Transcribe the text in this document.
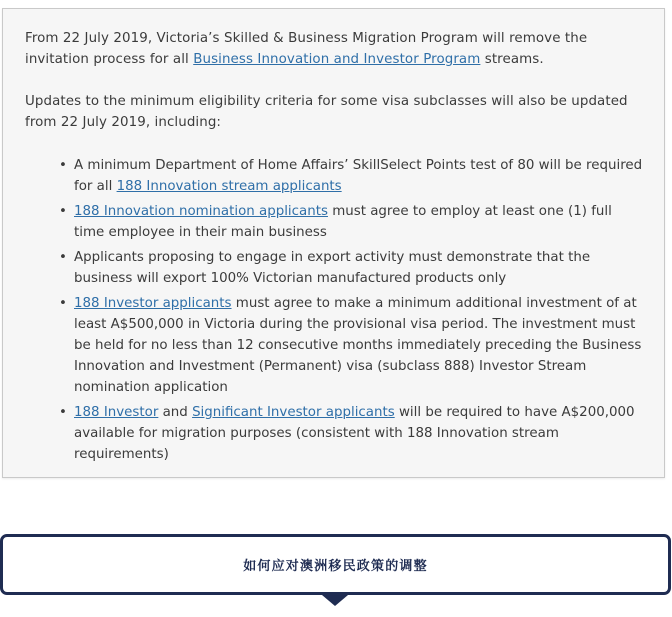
From 22 July 2019, Victoria’s Skilled & Business Migration Program will remove the invitation process for all Business Innovation and Investor Program streams.

Updates to the minimum eligibility criteria for some visa subclasses will also be updated from 22 July 2019, including:

• A minimum Department of Home Affairs’ SkillSelect Points test of 80 will be required for all 188 Innovation stream applicants
• 188 Innovation nomination applicants must agree to employ at least one (1) full time employee in their main business
• Applicants proposing to engage in export activity must demonstrate that the business will export 100% Victorian manufactured products only
• 188 Investor applicants must agree to make a minimum additional investment of at least A$500,000 in Victoria during the provisional visa period. The investment must be held for no less than 12 consecutive months immediately preceding the Business Innovation and Investment (Permanent) visa (subclass 888) Investor Stream nomination application
• 188 Investor and Significant Investor applicants will be required to have A$200,000 available for migration purposes (consistent with 188 Innovation stream requirements)
如何应对澳洲移民政策的调整
